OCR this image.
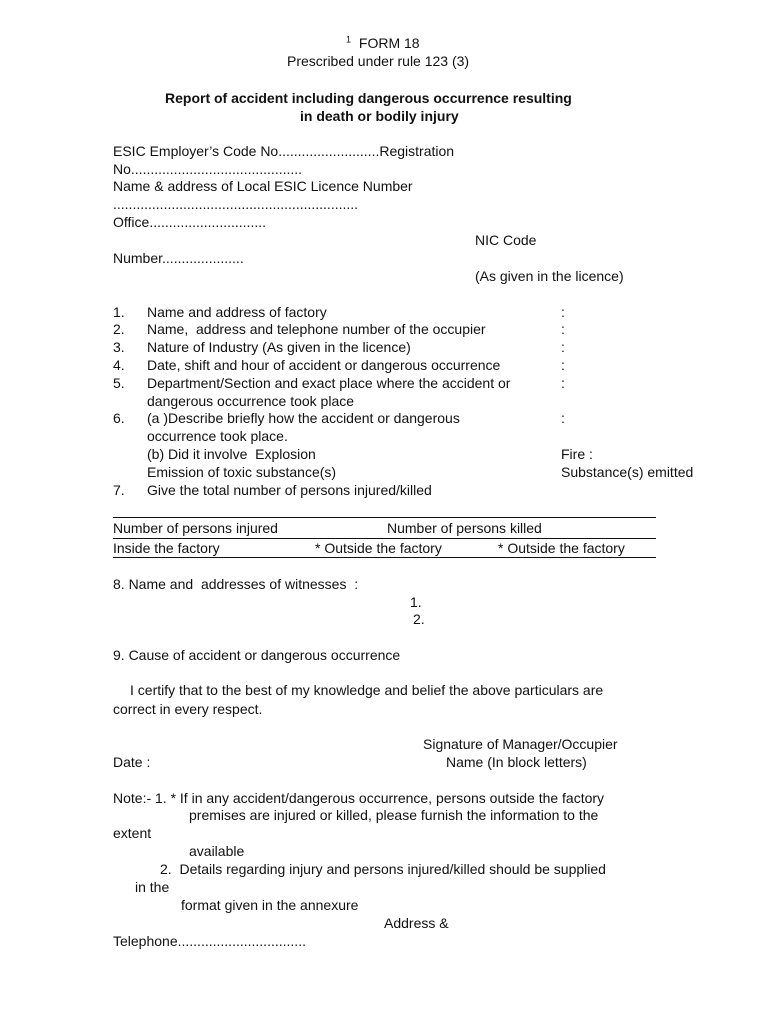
$^1$ FORM 18
Prescribed under rule 123 (3)
Report of accident including dangerous occurrence resulting
in death or bodily injury
ESIC Employer’s Code No..........................Registration
No............................................
Name & address of Local ESIC Licence Number
...............................................................
Office..............................
NIC Code
Number.....................
(As given in the licence)
1. Name and address of factory	:
2. Name,  address and telephone number of the occupier	:
3. Nature of Industry (As given in the licence)	:
4. Date, shift and hour of accident or dangerous occurrence	:
5. Department/Section and exact place where the accident or	:
dangerous occurrence took place
6. (a )Describe briefly how the accident or dangerous	:
occurrence took place.
(b) Did it involve  Explosion	Fire :
Emission of toxic substance(s)	Substance(s) emitted
7. Give the total number of persons injured/killed
Number of persons injured	Number of persons killed
Inside the factory	* Outside the factory	* Outside the factory
8. Name and  addresses of witnesses  :
1.
2.
9. Cause of accident or dangerous occurrence
I certify that to the best of my knowledge and belief the above particulars are
correct in every respect.
Signature of Manager/Occupier
Date :	Name (In block letters)
Note:- 1. * If in any accident/dangerous occurrence, persons outside the factory
premises are injured or killed, please furnish the information to the
extent
available
2.  Details regarding injury and persons injured/killed should be supplied
in the
format given in the annexure
Address &
Telephone.................................
